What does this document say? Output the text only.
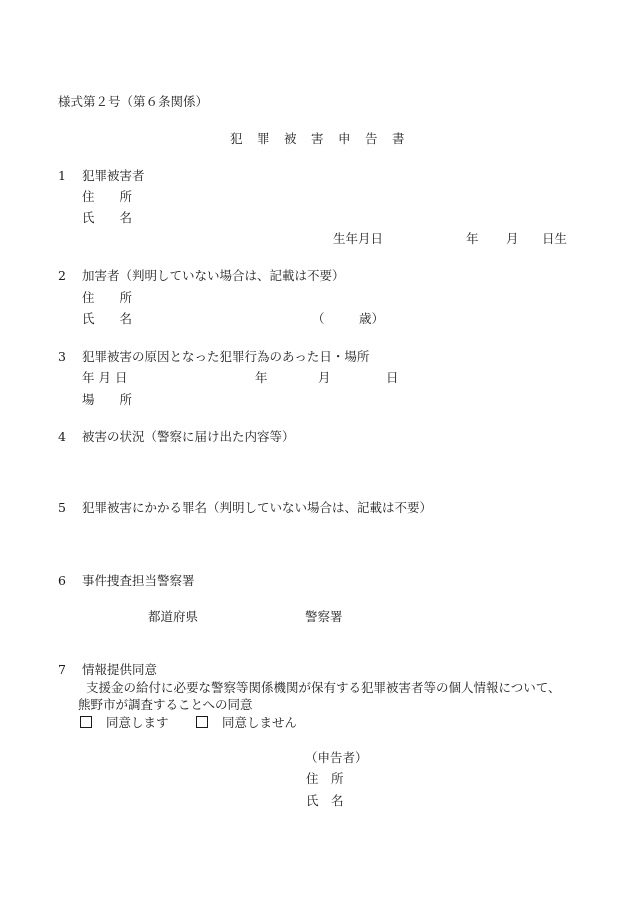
様式第２号（第６条関係）
犯 罪 被 害 申 告 書
1 犯罪被害者
住　　所
氏　　名
生年月日	年 月 日生
2 加害者（判明していない場合は、記載は不要）
住　　所
氏　　名	（	歳）
3 犯罪被害の原因となった犯罪行為のあった日・場所
年 月 日	年	月	日
場　　所
4 被害の状況（警察に届け出た内容等）
5 犯罪被害にかかる罪名（判明していない場合は、記載は不要）
6 事件捜査担当警察署
都道府県	警察署
7 情報提供同意
支援金の給付に必要な警察等関係機関が保有する犯罪被害者等の個人情報について、
熊野市が調査することへの同意
同意します	同意しません
（申告者）
住　所
氏　名
